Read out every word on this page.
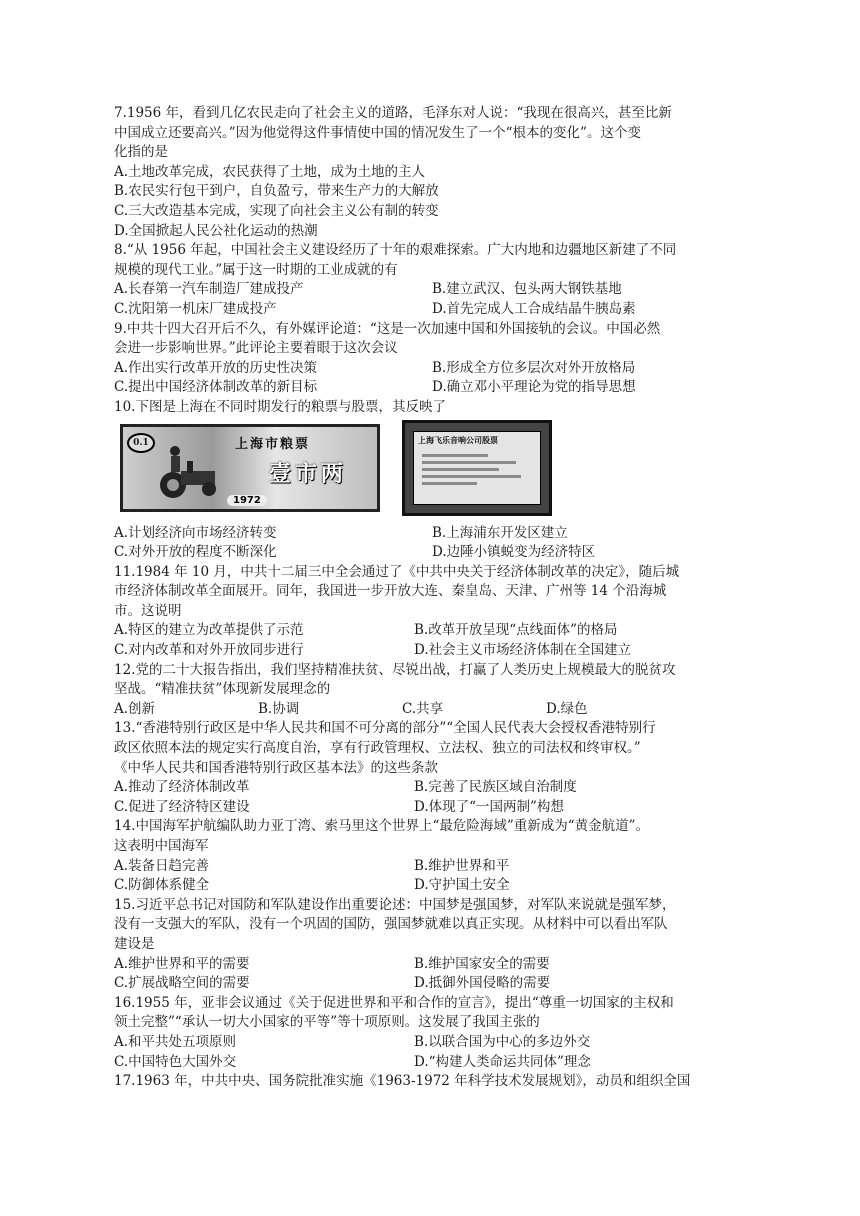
7.1956 年，看到几亿农民走向了社会主义的道路，毛泽东对人说：“我现在很高兴，甚至比新
中国成立还要高兴。”因为他觉得这件事情使中国的情况发生了一个“根本的变化”。这个变
化指的是
A.土地改革完成，农民获得了土地，成为土地的主人
B.农民实行包干到户，自负盈亏，带来生产力的大解放
C.三大改造基本完成，实现了向社会主义公有制的转变
D.全国掀起人民公社化运动的热潮
8.“从 1956 年起，中国社会主义建设经历了十年的艰难探索。广大内地和边疆地区新建了不同
规模的现代工业。”属于这一时期的工业成就的有
A.长春第一汽车制造厂建成投产	B.建立武汉、包头两大钢铁基地
C.沈阳第一机床厂建成投产	D.首先完成人工合成结晶牛胰岛素
9.中共十四大召开后不久，有外媒评论道：“这是一次加速中国和外国接轨的会议。中国必然
会进一步影响世界。”此评论主要着眼于这次会议
A.作出实行改革开放的历史性决策	B.形成全方位多层次对外开放格局
C.提出中国经济体制改革的新目标	D.确立邓小平理论为党的指导思想
10.下图是上海在不同时期发行的粮票与股票，其反映了
0.1	上海市粮票
壹市两
1972
上海飞乐音响公司股票
A.计划经济向市场经济转变	B.上海浦东开发区建立
C.对外开放的程度不断深化	D.边陲小镇蜕变为经济特区
11.1984 年 10 月，中共十二届三中全会通过了《中共中央关于经济体制改革的决定》，随后城
市经济体制改革全面展开。同年，我国进一步开放大连、秦皇岛、天津、广州等 14 个沿海城
市。这说明
A.特区的建立为改革提供了示范	B.改革开放呈现“点线面体”的格局
C.对内改革和对外开放同步进行	D.社会主义市场经济体制在全国建立
12.党的二十大报告指出，我们坚持精准扶贫、尽锐出战，打赢了人类历史上规模最大的脱贫攻
坚战。“精准扶贫”体现新发展理念的
A.创新	B.协调	C.共享	D.绿色
13.“香港特别行政区是中华人民共和国不可分离的部分”“全国人民代表大会授权香港特别行
政区依照本法的规定实行高度自治，享有行政管理权、立法权、独立的司法权和终审权。”
《中华人民共和国香港特别行政区基本法》的这些条款
A.推动了经济体制改革	B.完善了民族区域自治制度
C.促进了经济特区建设	D.体现了“一国两制”构想
14.中国海军护航编队助力亚丁湾、索马里这个世界上“最危险海域”重新成为“黄金航道”。
这表明中国海军
A.装备日趋完善	B.维护世界和平
C.防御体系健全	D.守护国土安全
15.习近平总书记对国防和军队建设作出重要论述：中国梦是强国梦，对军队来说就是强军梦，
没有一支强大的军队，没有一个巩固的国防，强国梦就难以真正实现。从材料中可以看出军队
建设是
A.维护世界和平的需要	B.维护国家安全的需要
C.扩展战略空间的需要	D.抵御外国侵略的需要
16.1955 年，亚非会议通过《关于促进世界和平和合作的宣言》，提出“尊重一切国家的主权和
领土完整”“承认一切大小国家的平等”等十项原则。这发展了我国主张的
A.和平共处五项原则	B.以联合国为中心的多边外交
C.中国特色大国外交	D.“构建人类命运共同体”理念
17.1963 年，中共中央、国务院批准实施《1963-1972 年科学技术发展规划》，动员和组织全国
